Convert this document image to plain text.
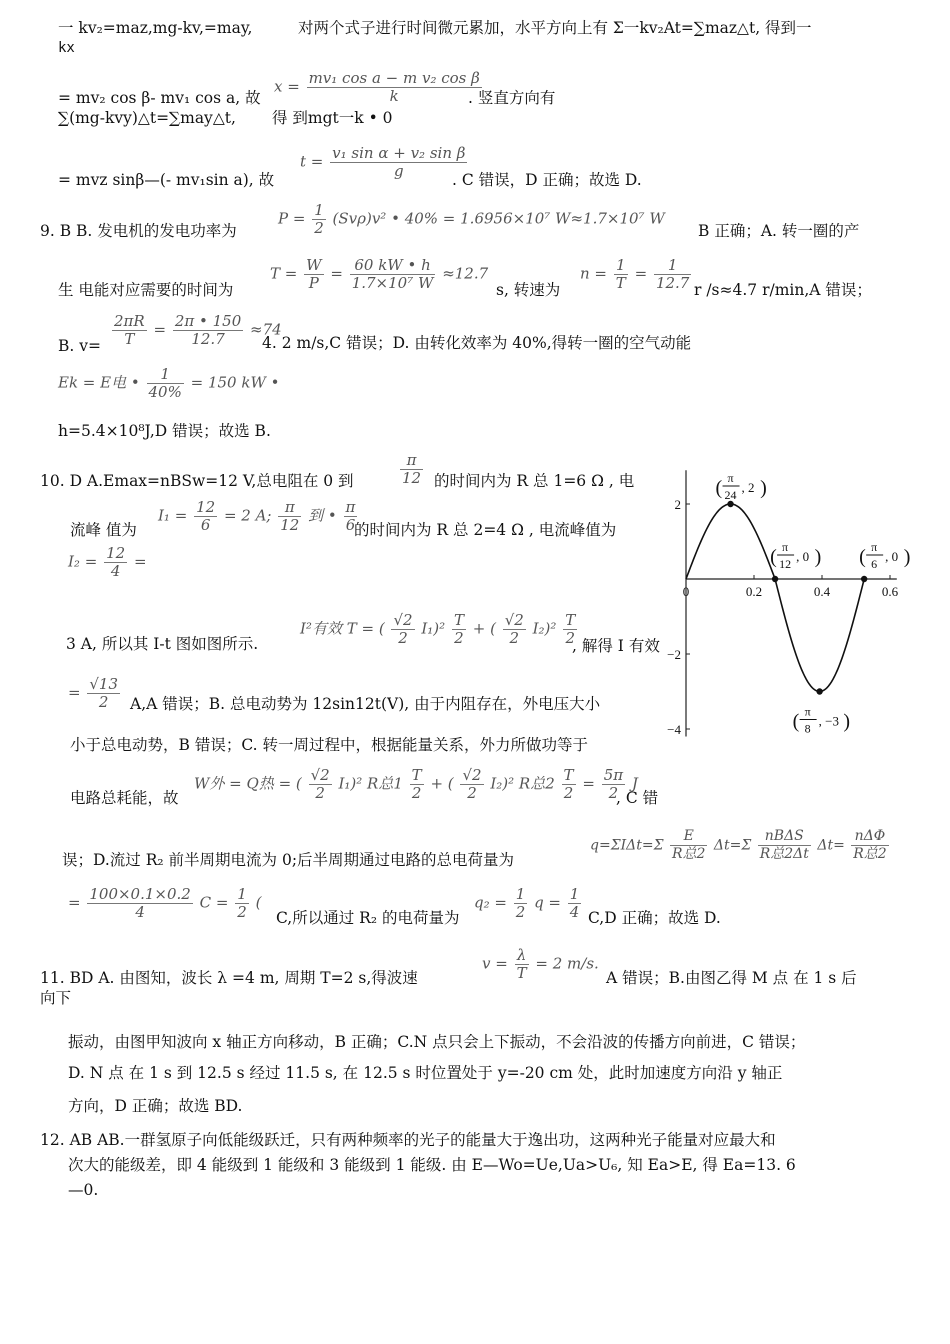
一 kv₂=maz,mg-kv,=may,	对两个式子进行时间微元累加，水平方向上有 Σ一kv₂At=∑maz△t, 得到一
kx
= mv₂ cos β- mv₁ cos a, 故
$x = \frac{\text{mv₁ cos a − m v₂ cos β}}{k}$
. 竖直方向有
∑(mg-kvy)△t=∑may△t, 得 到mgt一k • 0
= mvz sinβ—(- mv₁sin a), 故
$t = \frac{\text{v₁ sin α + v₂ sin β}}{g}$
. C 错误，D 正确；故选 D.
9. B B. 发电机的发电功率为
$P = \frac{1}{2} (Sv\rho)v^2$ • 40% = 1.6956×10⁷ W≈1.7×10⁷ W
B 正确；A. 转一圈的产
生 电能对应需要的时间为
$T = \frac{W}{P} = \frac{60 kW • h}{\text{1.7×10⁷ W}} \approx 12.7$
s, 转速为
$n = \frac{1}{T} = \frac{1}{12.7}$ r /s≈4.7 r/min,A 错误；
B. $v= \frac{2\pi R}{T} = \frac{2\pi • 150}{12.7} \approx 74$
4. 2 m/s,C 错误；D. 由转化效率为 40%,得转一圈的空气动能
Ek = E电 • $\frac{1}{40\%} = 150$ kW •
h=5.4×10⁸J,D 错误；故选 B.
10. D A.Emax=nBSw=12 V,总电阻在 0 到	$\frac{\pi}{12}$ 的时间内为 R 总 1=6 Ω , 电
流峰 值为
$I_1 = \frac{12}{6} = 2$ A; $\frac{\pi}{12}$ 到 • $\frac{\pi}{6}$
的时间内为 R 总 2=4 Ω , 电流峰值为
$I_2 = \frac{12}{4}$ =
3 A, 所以其 I-t 图如图所示.
I²有效 T = ( $\frac{√2}{2} I_1)^2 \frac{T}{2}$ + ( $\frac{√2}{2} I_2)^2 \frac{T}{2}$
, 解得 I 有效
= $\frac{√13}{2} A,A$ 错误；B. 总电动势为 12sin12t(V), 由于内阻存在，外电压大小
小于总电动势，B 错误；C. 转一周过程中，根据能量关系，外力所做功等于
电路总耗能，故
W外 = Q热 = ( $\frac{√2}{2} I_1)^2$ R总$1 \frac{T}{2}$ + ( $\frac{√2}{2} I_2)^2$ R总$2 \frac{T}{2} = \frac{5\pi}{2}$ J
, C 错
误；D.流过 R₂ 前半周期电流为 0;后半周期通过电路的总电荷量为
$q=\Sigma I\Delta t=\Sigma \frac{E}{\text{R总2}} \Delta t=\Sigma \frac{\text{nBΔS}}{\text{R总2Δt}} \Delta t= \frac{\text{nΔΦ}}{\text{R总2}}$
= $\frac{100\times 0.1\times 0.2}{4}$ $C = \frac{1}{2}$ (
C,所以通过 R₂ 的电荷量为
$q_2 = \frac{1}{2}$ $q = \frac{1}{4} C,D$ 正确；故选 D.
0	0.2	0.4	0.6
2
−2
−4
( π
24 , 2 )
( π
12 , 0 ) ( π
6 , 0 )
( π
8 , −3 )
11. BD A. 由图知，波长 λ =4 m, 周期 T=2 s,得波速
$v = \frac{\lambda}{T} = 2$ m/s.
A 错误；B.由图乙得 M 点 在 1 s 后
向下
振动，由图甲知波向 x 轴正方向移动，B 正确；C.N 点只会上下振动，不会沿波的传播方向前进，C 错误；
D. N 点 在 1 s 到 12.5 s 经过 11.5 s, 在 12.5 s 时位置处于 y=-20 cm 处，此时加速度方向沿 y 轴正
方向，D 正确；故选 BD.
12. AB AB.一群氢原子向低能级跃迁，只有两种频率的光子的能量大于逸出功，这两种光子能量对应最大和
次大的能级差，即 4 能级到 1 能级和 3 能级到 1 能级. 由 E—Wo=Ue,Ua>U₆, 知 Ea>E, 得 Ea=13. 6
—0.
